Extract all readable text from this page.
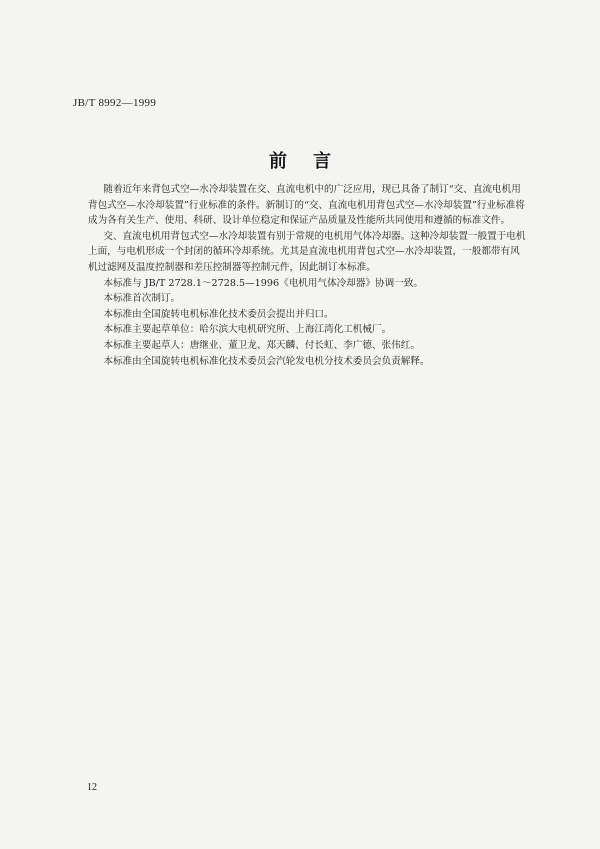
JB/T 8992—1999
前言

随着近年来背包式空—水冷却装置在交、直流电机中的广泛应用，现已具备了制订“交、直流电机用背包式空—水冷却装置”行业标准的条件。新制订的“交、直流电机用背包式空—水冷却装置”行业标准将成为各有关生产、使用、科研、设计单位稳定和保证产品质量及性能所共同使用和遵循的标准文件。

交、直流电机用背包式空—水冷却装置有别于常规的电机用气体冷却器。这种冷却装置一般置于电机上面，与电机形成一个封闭的循环冷却系统。尤其是直流电机用背包式空—水冷却装置，一般都带有风机过滤网及温度控制器和差压控制器等控制元件，因此制订本标准。

本标准与 JB/T 2728.1～2728.5—1996《电机用气体冷却器》协调一致。

本标准首次制订。

本标准由全国旋转电机标准化技术委员会提出并归口。

本标准主要起草单位：哈尔滨大电机研究所、上海江湾化工机械厂。

本标准主要起草人：唐继业、董卫龙、郑天麟、付长虹、李广德、张伟红。

本标准由全国旋转电机标准化技术委员会汽轮发电机分技术委员会负责解释。

12
